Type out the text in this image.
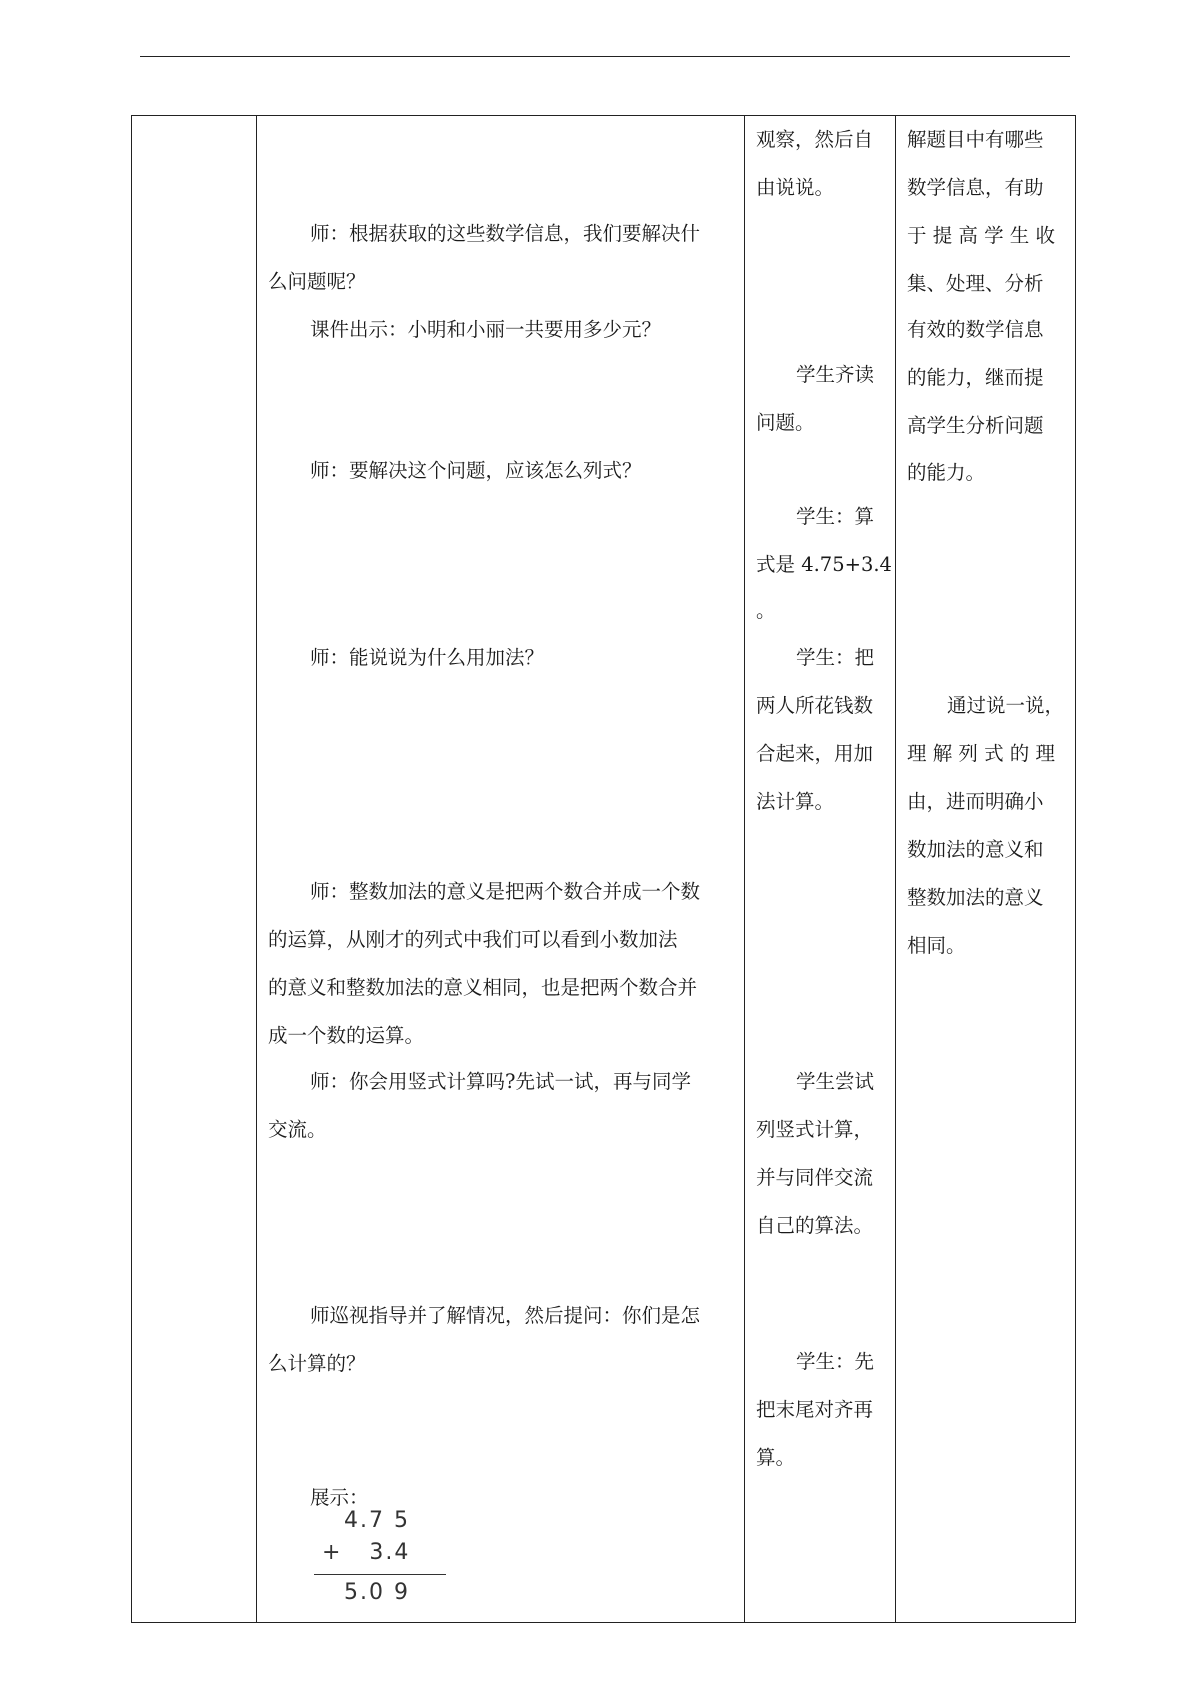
师：根据获取的这些数学信息，我们要解决什

么问题呢？

课件出示：小明和小丽一共要用多少元？

师：要解决这个问题，应该怎么列式？

师：能说说为什么用加法？

师：整数加法的意义是把两个数合并成一个数

的运算，从刚才的列式中我们可以看到小数加法

的意义和整数加法的意义相同，也是把两个数合并

成一个数的运算。

师：你会用竖式计算吗?先试一试，再与同学

交流。

师巡视指导并了解情况，然后提问：你们是怎

么计算的？

展示：

观察，然后自

由说说。

学生齐读

问题。

学生：算

式是 4.75+3.4

。

学生：把

两人所花钱数

合起来，用加

法计算。

学生尝试

列竖式计算，

并与同伴交流

自己的算法。

学生：先

把末尾对齐再

算。

解题目中有哪些

数学信息，有助

于 提 高 学 生 收

集、处理、分析

有效的数学信息

的能力，继而提

高学生分析问题

的能力。

通过说一说，

理 解 列 式 的 理

由，进而明确小

数加法的意义和

整数加法的意义

相同。

4.7 5
+   3.4
5.0 9
